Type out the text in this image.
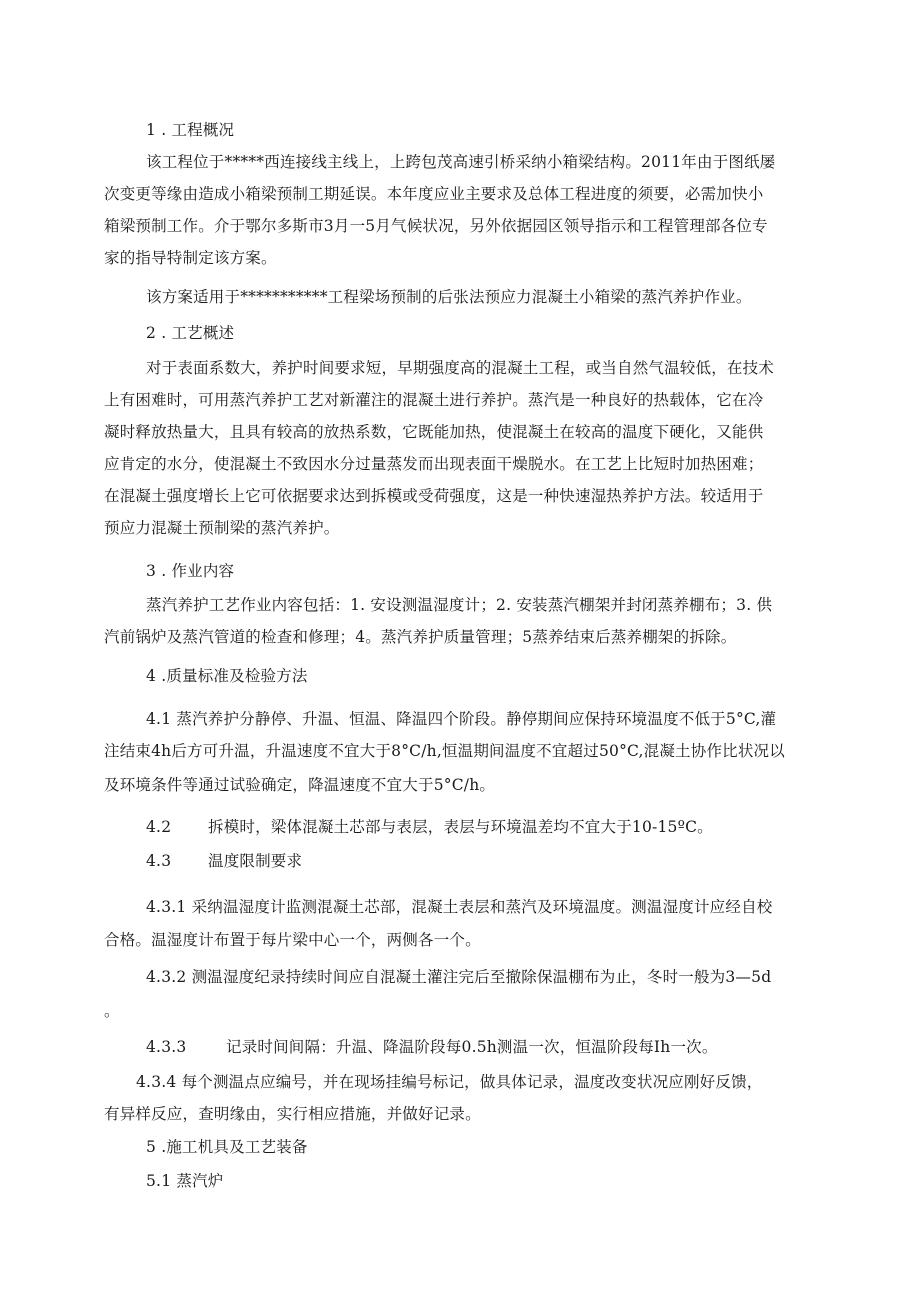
1 . 工程概况
该工程位于*****西连接线主线上，上跨包茂高速引桥采纳小箱梁结构。2011年由于图纸屡
次变更等缘由造成小箱梁预制工期延误。本年度应业主要求及总体工程进度的须要，必需加快小
箱梁预制工作。介于鄂尔多斯市3月一5月气候状况，另外依据园区领导指示和工程管理部各位专
家的指导特制定该方案。
该方案适用于***********工程梁场预制的后张法预应力混凝土小箱梁的蒸汽养护作业。
2 . 工艺概述
对于表面系数大，养护时间要求短，早期强度高的混凝土工程，或当自然气温较低，在技术
上有困难时，可用蒸汽养护工艺对新灌注的混凝土进行养护。蒸汽是一种良好的热载体，它在冷
凝时释放热量大，且具有较高的放热系数，它既能加热，使混凝土在较高的温度下硬化，又能供
应肯定的水分，使混凝土不致因水分过量蒸发而出现表面干燥脱水。在工艺上比短时加热困难；
在混凝土强度增长上它可依据要求达到拆模或受荷强度，这是一种快速湿热养护方法。较适用于
预应力混凝土预制梁的蒸汽养护。
3 . 作业内容
蒸汽养护工艺作业内容包括：1. 安设测温湿度计；2. 安装蒸汽棚架并封闭蒸养棚布；3. 供
汽前锅炉及蒸汽管道的检查和修理；4。蒸汽养护质量管理；5蒸养结束后蒸养棚架的拆除。
4 .质量标准及检验方法
4.1 蒸汽养护分静停、升温、恒温、降温四个阶段。静停期间应保持环境温度不低于5°C,灌
注结束4h后方可升温，升温速度不宜大于8°C/h,恒温期间温度不宜超过50°C,混凝土协作比状况以
及环境条件等通过试验确定，降温速度不宜大于5°C/h。
4.2 拆模时，梁体混凝土芯部与表层，表层与环境温差均不宜大于10-15ºC。
4.3 温度限制要求
4.3.1 采纳温湿度计监测混凝土芯部，混凝土表层和蒸汽及环境温度。测温湿度计应经自校
合格。温湿度计布置于每片梁中心一个，两侧各一个。
4.3.2 测温湿度纪录持续时间应自混凝土灌注完后至撤除保温棚布为止，冬时一般为3—5d
。
4.3.3	记录时间间隔：升温、降温阶段每0.5h测温一次，恒温阶段每Ih一次。
4.3.4 每个测温点应编号，并在现场挂编号标记，做具体记录，温度改变状况应刚好反馈，
有异样反应，查明缘由，实行相应措施，并做好记录。
5 .施工机具及工艺装备
5.1 蒸汽炉
